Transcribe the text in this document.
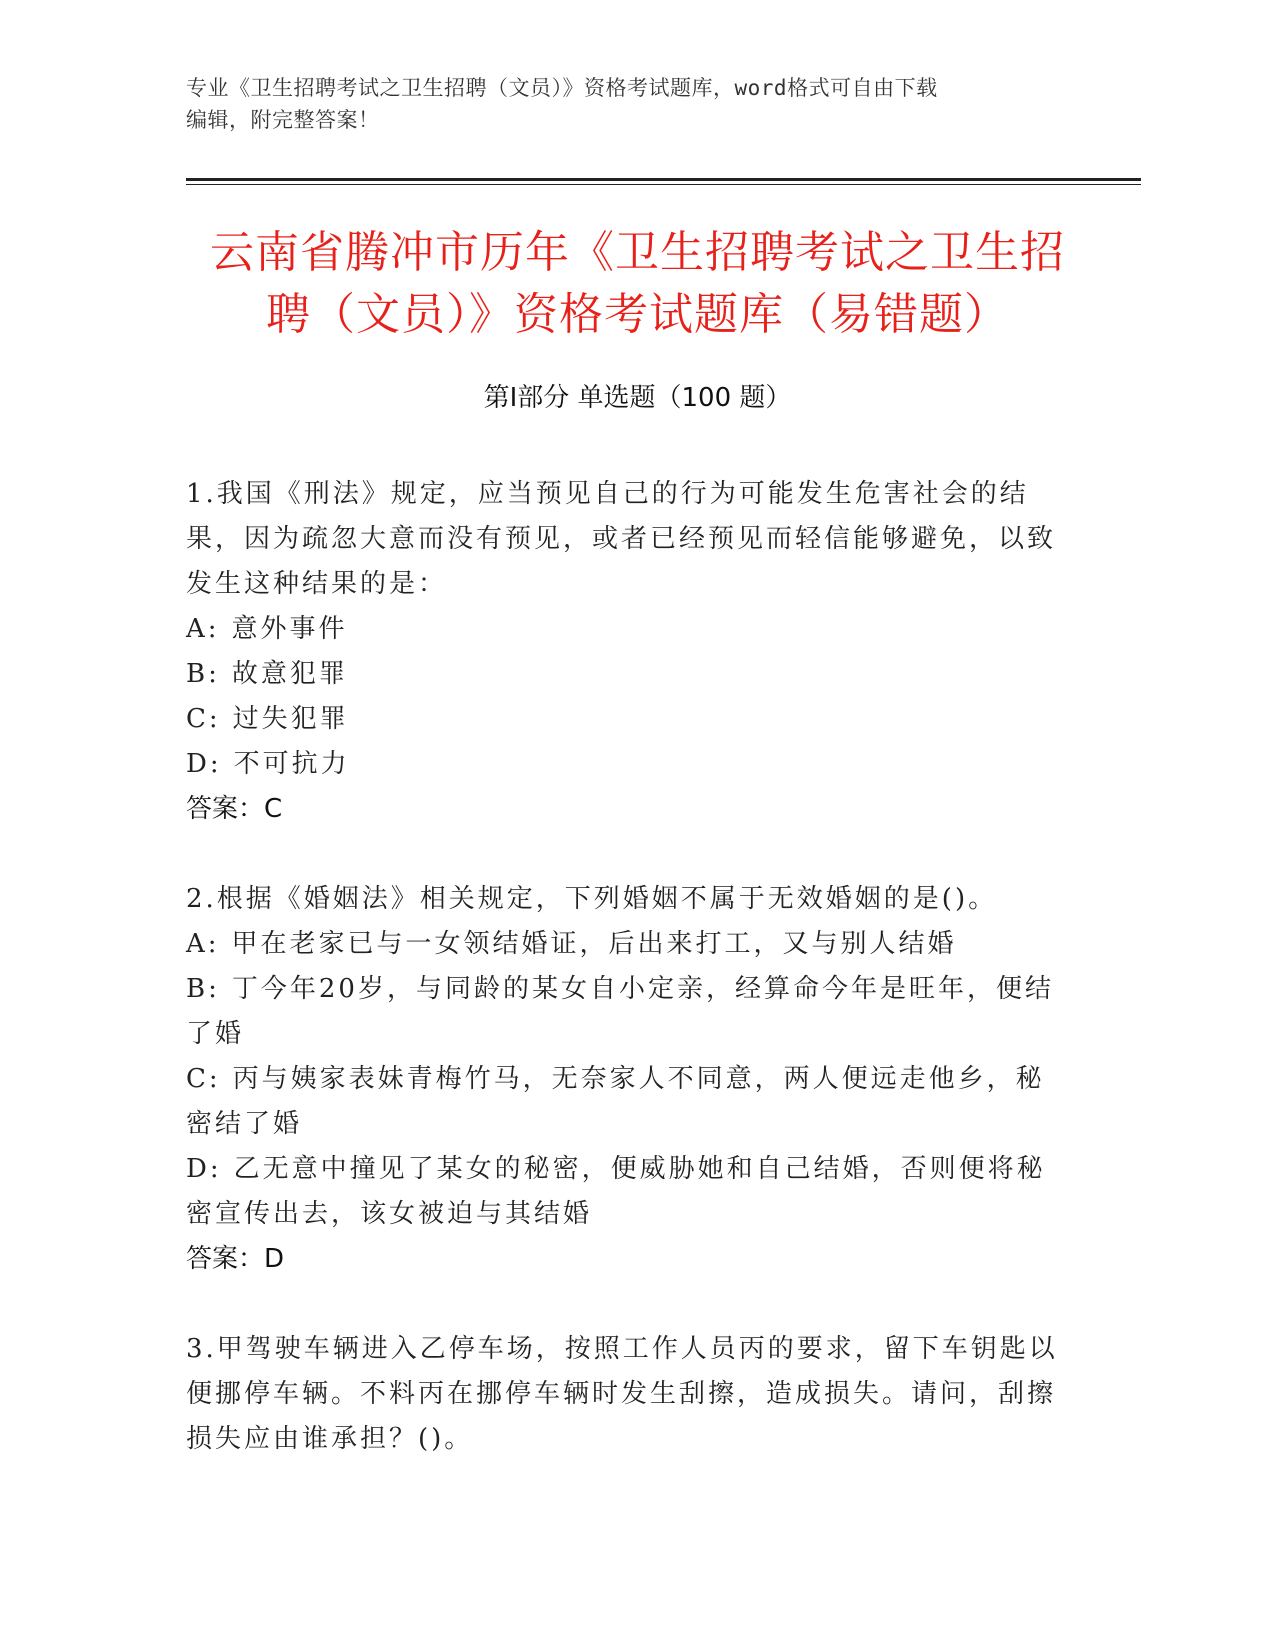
专业《卫生招聘考试之卫生招聘（文员）》资格考试题库，word格式可自由下载
编辑，附完整答案！
云南省腾冲市历年《卫生招聘考试之卫生招
聘（文员）》资格考试题库（易错题）
第Ⅰ部分 单选题（100 题）
1.我国《刑法》规定，应当预见自己的行为可能发生危害社会的结果，因为疏忽大意而没有预见，或者已经预见而轻信能够避免，以致发生这种结果的是：
A: 意外事件
B: 故意犯罪
C: 过失犯罪
D: 不可抗力
答案：C
2.根据《婚姻法》相关规定，下列婚姻不属于无效婚姻的是()。
A: 甲在老家已与一女领结婚证，后出来打工，又与别人结婚
B: 丁今年20岁，与同龄的某女自小定亲，经算命今年是旺年，便结了婚
C: 丙与姨家表妹青梅竹马，无奈家人不同意，两人便远走他乡，秘密结了婚
D: 乙无意中撞见了某女的秘密，便威胁她和自己结婚，否则便将秘密宣传出去，该女被迫与其结婚
答案：D
3.甲驾驶车辆进入乙停车场，按照工作人员丙的要求，留下车钥匙以便挪停车辆。不料丙在挪停车辆时发生刮擦，造成损失。请问，刮擦损失应由谁承担？()。
